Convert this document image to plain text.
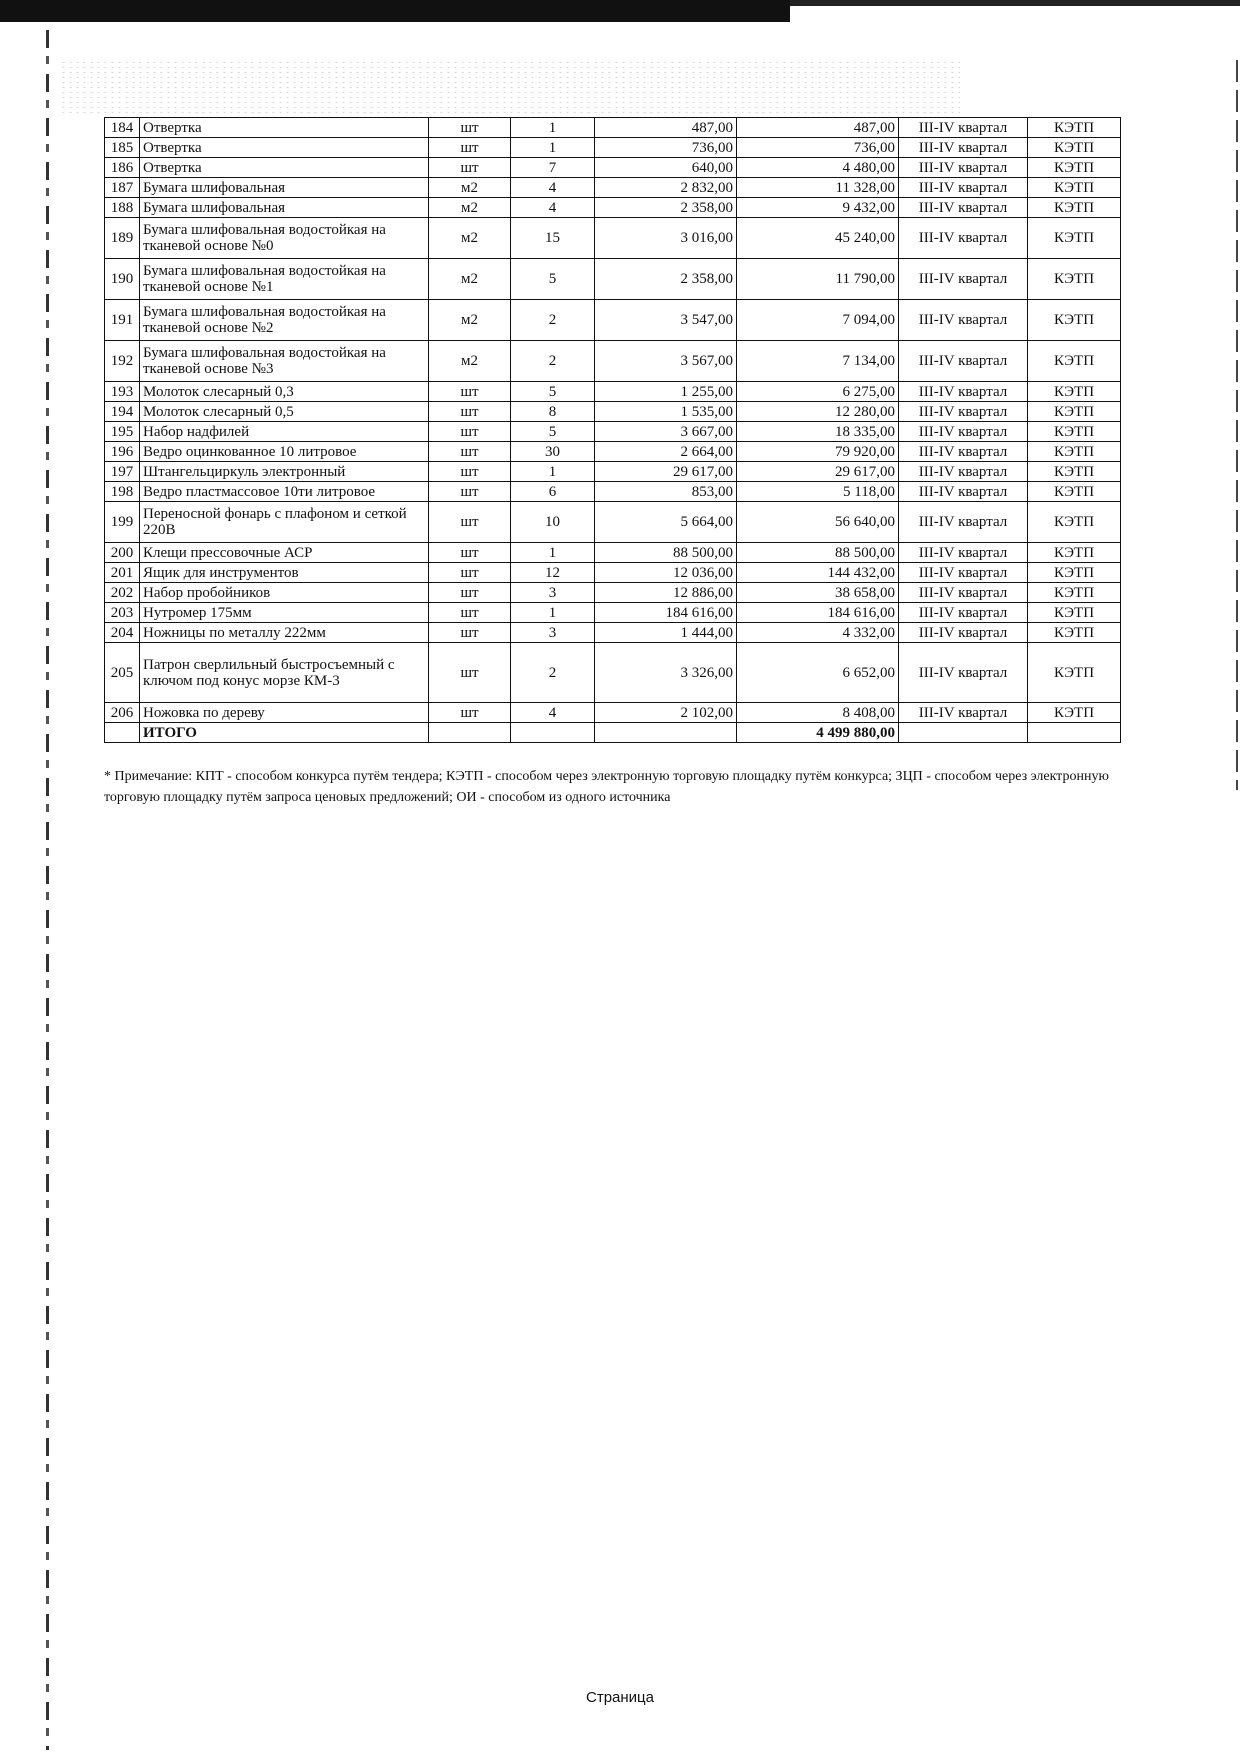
184	Отвертка	шт	1	487,00	487,00	III-IV квартал	КЭТП
185	Отвертка	шт	1	736,00	736,00	III-IV квартал	КЭТП
186	Отвертка	шт	7	640,00	4 480,00	III-IV квартал	КЭТП
187	Бумага шлифовальная	м2	4	2 832,00	11 328,00	III-IV квартал	КЭТП
188	Бумага шлифовальная	м2	4	2 358,00	9 432,00	III-IV квартал	КЭТП
189	Бумага шлифовальная водостойкая на тканевой основе №0	м2	15	3 016,00	45 240,00	III-IV квартал	КЭТП
190	Бумага шлифовальная водостойкая на тканевой основе №1	м2	5	2 358,00	11 790,00	III-IV квартал	КЭТП
191	Бумага шлифовальная водостойкая на тканевой основе №2	м2	2	3 547,00	7 094,00	III-IV квартал	КЭТП
192	Бумага шлифовальная водостойкая на тканевой основе №3	м2	2	3 567,00	7 134,00	III-IV квартал	КЭТП
193	Молоток слесарный 0,3	шт	5	1 255,00	6 275,00	III-IV квартал	КЭТП
194	Молоток слесарный 0,5	шт	8	1 535,00	12 280,00	III-IV квартал	КЭТП
195	Набор надфилей	шт	5	3 667,00	18 335,00	III-IV квартал	КЭТП
196	Ведро оцинкованное 10 литровое	шт	30	2 664,00	79 920,00	III-IV квартал	КЭТП
197	Штангельциркуль электронный	шт	1	29 617,00	29 617,00	III-IV квартал	КЭТП
198	Ведро пластмассовое 10ти литровое	шт	6	853,00	5 118,00	III-IV квартал	КЭТП
199	Переносной фонарь с плафоном и сеткой 220В	шт	10	5 664,00	56 640,00	III-IV квартал	КЭТП
200	Клещи прессовочные АСР	шт	1	88 500,00	88 500,00	III-IV квартал	КЭТП
201	Ящик для инструментов	шт	12	12 036,00	144 432,00	III-IV квартал	КЭТП
202	Набор пробойников	шт	3	12 886,00	38 658,00	III-IV квартал	КЭТП
203	Нутромер 175мм	шт	1	184 616,00	184 616,00	III-IV квартал	КЭТП
204	Ножницы по металлу 222мм	шт	3	1 444,00	4 332,00	III-IV квартал	КЭТП
205	Патрон сверлильный быстросъемный с ключом под конус морзе КМ-3	шт	2	3 326,00	6 652,00	III-IV квартал	КЭТП
206	Ножовка по дереву	шт	4	2 102,00	8 408,00	III-IV квартал	КЭТП
	ИТОГО				4 499 880,00		
* Примечание: КПТ - способом конкурса путём тендера; КЭТП - способом через электронную торговую площадку путём конкурса; ЗЦП - способом через электронную торговую площадку путём запроса ценовых предложений; ОИ - способом из одного источника
Страница
